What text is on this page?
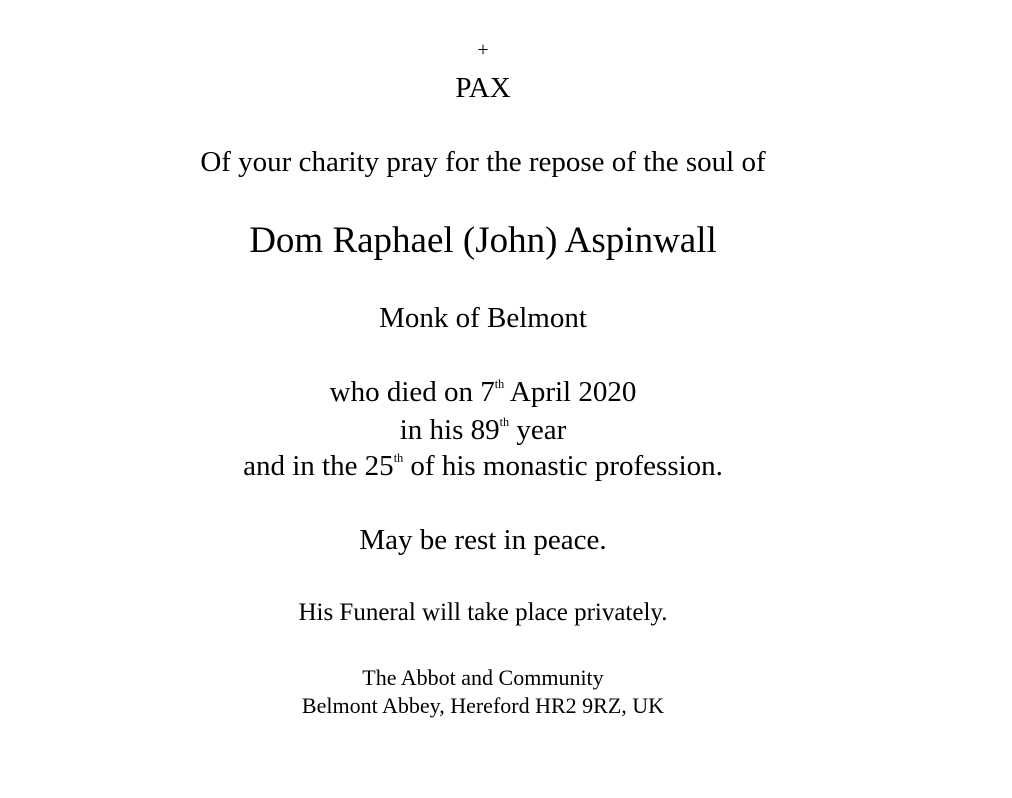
+
PAX
Of your charity pray for the repose of the soul of
Dom Raphael (John) Aspinwall
Monk of Belmont
who died on 7th April 2020
in his 89th year
and in the 25th of his monastic profession.
May be rest in peace.
His Funeral will take place privately.
The Abbot and Community
Belmont Abbey, Hereford HR2 9RZ, UK
